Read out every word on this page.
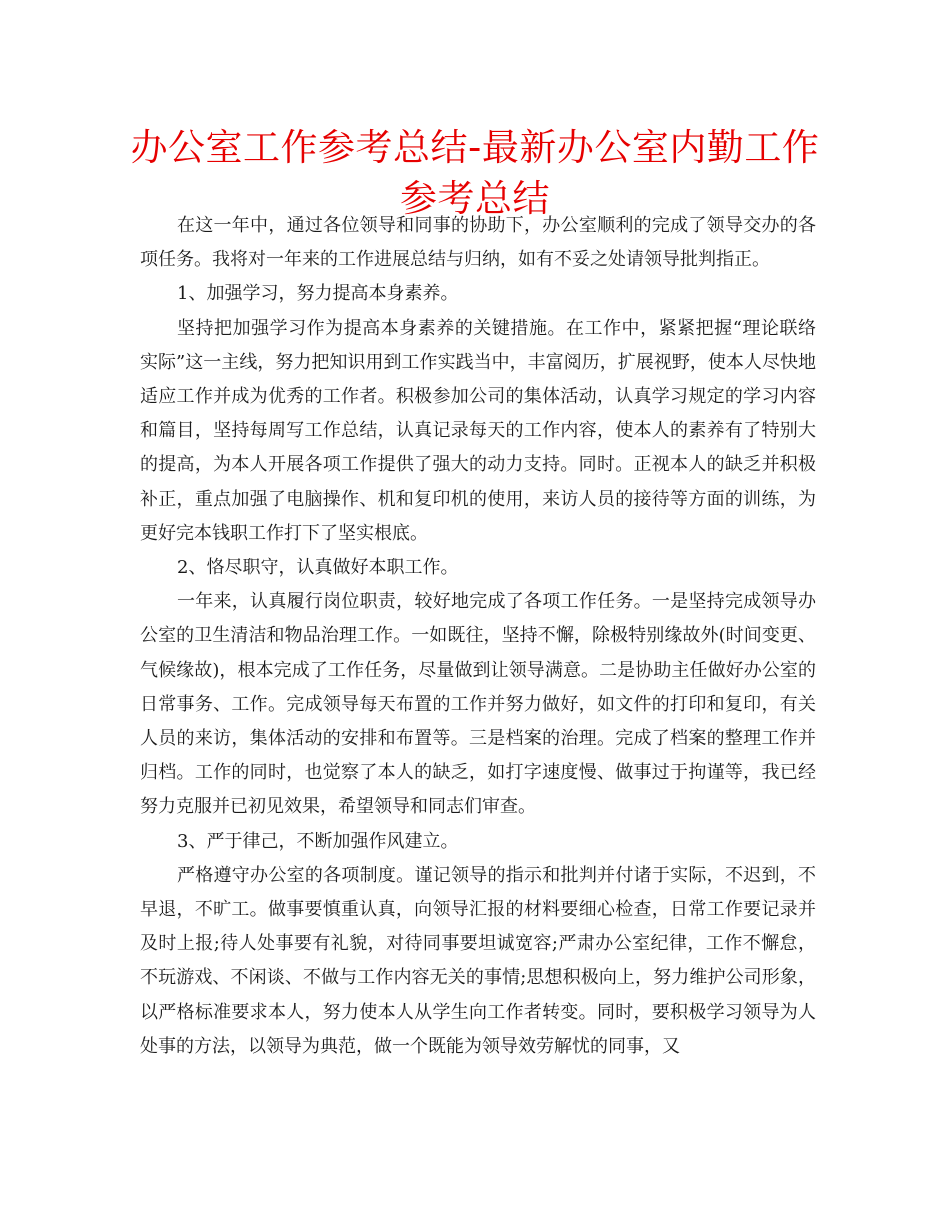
办公室工作参考总结-最新办公室内勤工作参考总结

在这一年中，通过各位领导和同事的协助下，办公室顺利的完成了领导交办的各项任务。我将对一年来的工作进展总结与归纳，如有不妥之处请领导批判指正。

1、加强学习，努力提高本身素养。

坚持把加强学习作为提高本身素养的关键措施。在工作中，紧紧把握“理论联络实际”这一主线，努力把知识用到工作实践当中，丰富阅历，扩展视野，使本人尽快地适应工作并成为优秀的工作者。积极参加公司的集体活动，认真学习规定的学习内容和篇目，坚持每周写工作总结，认真记录每天的工作内容，使本人的素养有了特别大的提高，为本人开展各项工作提供了强大的动力支持。同时。正视本人的缺乏并积极补正，重点加强了电脑操作、机和复印机的使用，来访人员的接待等方面的训练，为更好完本钱职工作打下了坚实根底。

2、恪尽职守，认真做好本职工作。

一年来，认真履行岗位职责，较好地完成了各项工作任务。一是坚持完成领导办公室的卫生清洁和物品治理工作。一如既往，坚持不懈，除极特别缘故外(时间变更、气候缘故)，根本完成了工作任务，尽量做到让领导满意。二是协助主任做好办公室的日常事务、工作。完成领导每天布置的工作并努力做好，如文件的打印和复印，有关人员的来访，集体活动的安排和布置等。三是档案的治理。完成了档案的整理工作并归档。工作的同时，也觉察了本人的缺乏，如打字速度慢、做事过于拘谨等，我已经努力克服并已初见效果，希望领导和同志们审查。

3、严于律己，不断加强作风建立。

严格遵守办公室的各项制度。谨记领导的指示和批判并付诸于实际，不迟到，不早退，不旷工。做事要慎重认真，向领导汇报的材料要细心检查，日常工作要记录并及时上报;待人处事要有礼貌，对待同事要坦诚宽容;严肃办公室纪律，工作不懈怠，不玩游戏、不闲谈、不做与工作内容无关的事情;思想积极向上，努力维护公司形象，以严格标准要求本人，努力使本人从学生向工作者转变。同时，要积极学习领导为人处事的方法，以领导为典范，做一个既能为领导效劳解忧的同事，又
